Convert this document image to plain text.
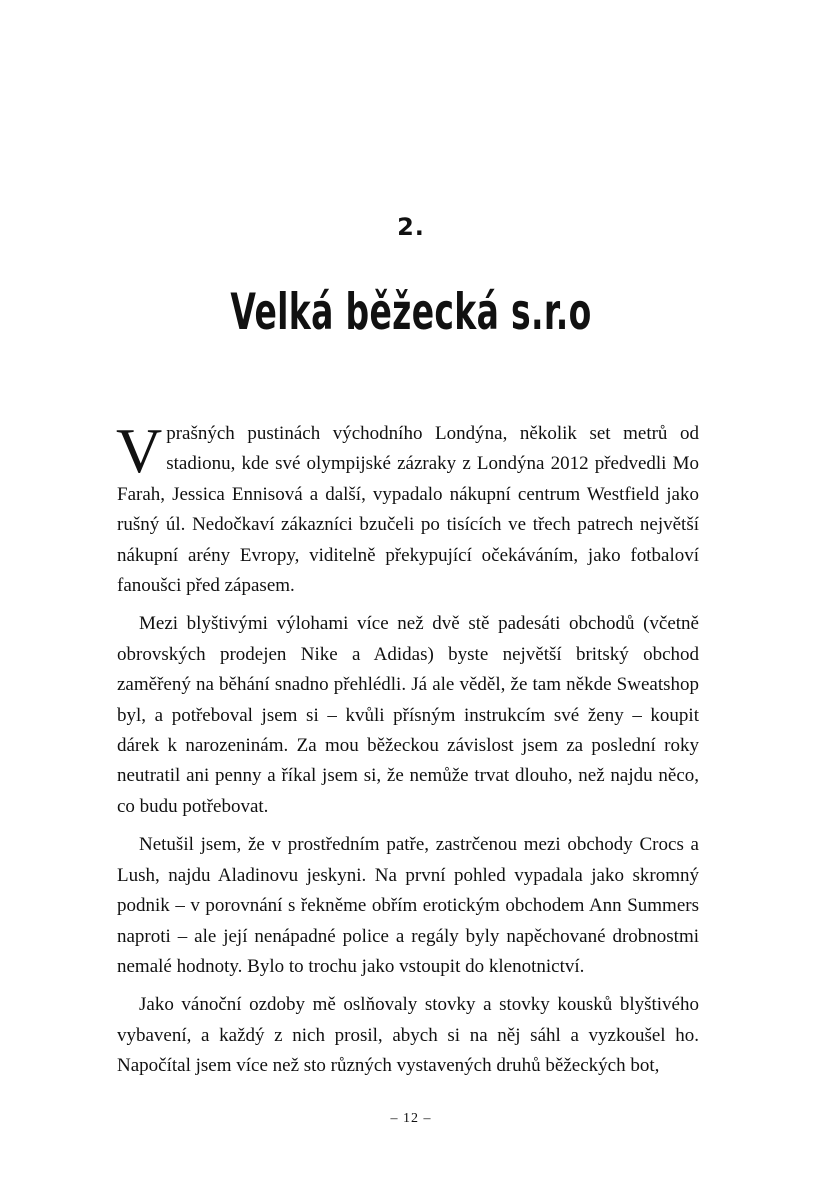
2.
Velká běžecká s.r.o

Vprašných pustinách východního Londýna, několik set metrů od stadionu, kde své olympijské zázraky z Londýna 2012 předvedli Mo Farah, Jessica Ennisová a další, vypadalo nákupní centrum Westfield jako rušný úl. Nedočkaví zákazníci bzučeli po tisících ve třech patrech největší nákupní arény Evropy, viditelně překypující očekáváním, jako fotbaloví fanoušci před zápasem.

Mezi blyštivými výlohami více než dvě stě padesáti obchodů (včetně obrovských prodejen Nike a Adidas) byste největší britský obchod zaměřený na běhání snadno přehlédli. Já ale věděl, že tam někde Sweatshop byl, a potřeboval jsem si – kvůli přísným instrukcím své ženy – koupit dárek k narozeninám. Za mou běžeckou závislost jsem za poslední roky neutratil ani penny a říkal jsem si, že nemůže trvat dlouho, než najdu něco, co budu potřebovat.

Netušil jsem, že v prostředním patře, zastrčenou mezi obchody Crocs a Lush, najdu Aladinovu jeskyni. Na první pohled vypadala jako skromný podnik – v porovnání s řekněme obřím erotickým obchodem Ann Summers naproti – ale její nenápadné police a regály byly napěchované drobnostmi nemalé hodnoty. Bylo to trochu jako vstoupit do klenotnictví.

Jako vánoční ozdoby mě oslňovaly stovky a stovky kousků blyštivého vybavení, a každý z nich prosil, abych si na něj sáhl a vyzkoušel ho. Napočítal jsem více než sto různých vystavených druhů běžeckých bot,

– 12 –
